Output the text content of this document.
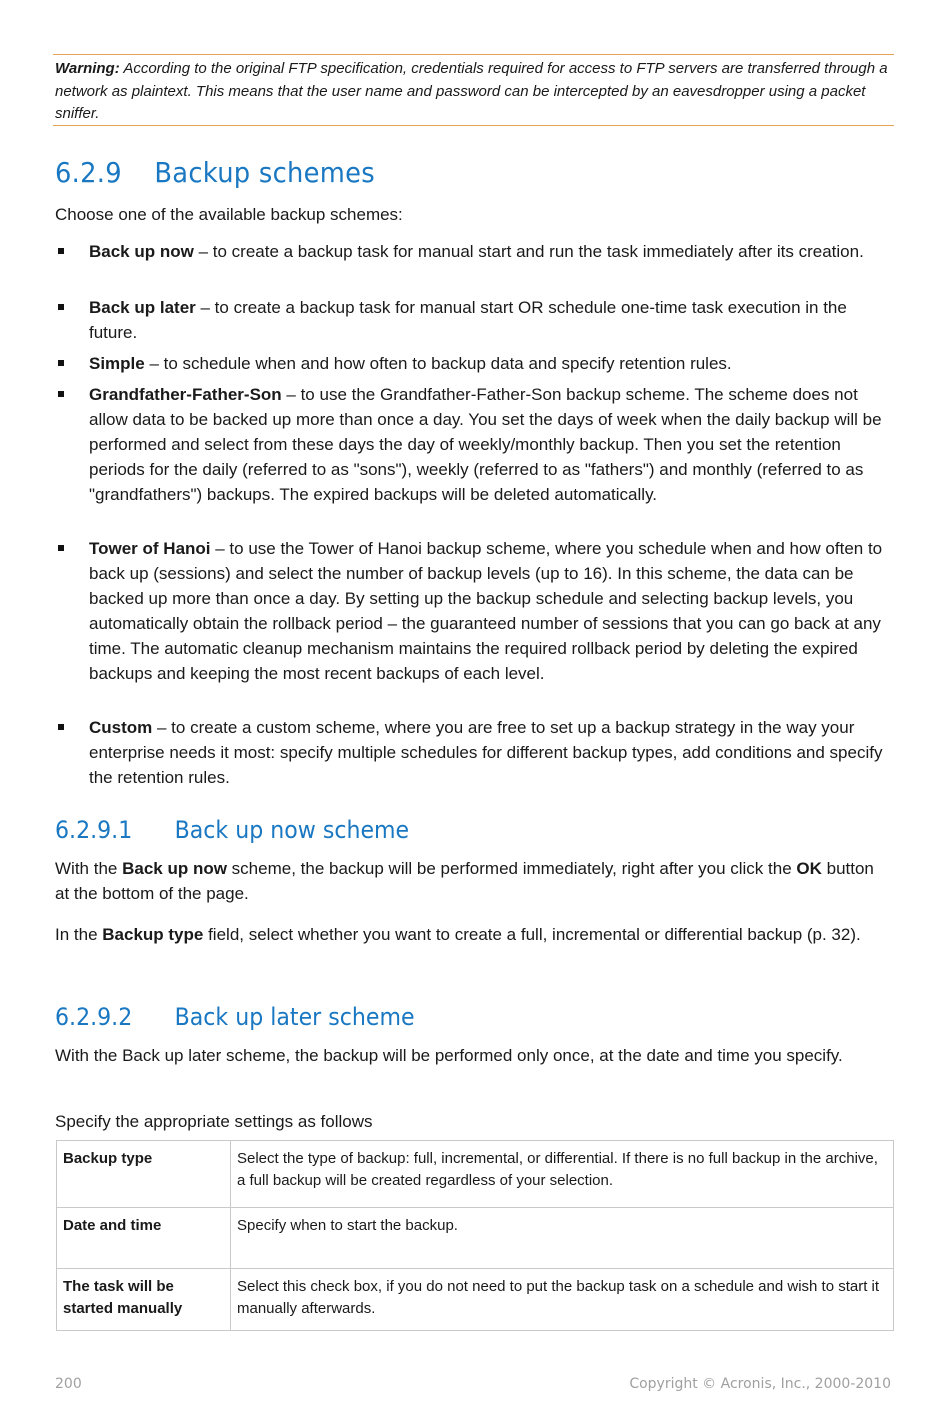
Warning: According to the original FTP specification, credentials required for access to FTP servers are transferred through a network as plaintext. This means that the user name and password can be intercepted by an eavesdropper using a packet sniffer.
6.2.9 Backup schemes

Choose one of the available backup schemes:

Back up now – to create a backup task for manual start and run the task immediately after its creation.
Back up later – to create a backup task for manual start OR schedule one-time task execution in the future.
Simple – to schedule when and how often to backup data and specify retention rules.
Grandfather-Father-Son – to use the Grandfather-Father-Son backup scheme. The scheme does not allow data to be backed up more than once a day. You set the days of week when the daily backup will be performed and select from these days the day of weekly/monthly backup. Then you set the retention periods for the daily (referred to as "sons"), weekly (referred to as "fathers") and monthly (referred to as "grandfathers") backups. The expired backups will be deleted automatically.
Tower of Hanoi – to use the Tower of Hanoi backup scheme, where you schedule when and how often to back up (sessions) and select the number of backup levels (up to 16). In this scheme, the data can be backed up more than once a day. By setting up the backup schedule and selecting backup levels, you automatically obtain the rollback period – the guaranteed number of sessions that you can go back at any time. The automatic cleanup mechanism maintains the required rollback period by deleting the expired backups and keeping the most recent backups of each level.
Custom – to create a custom scheme, where you are free to set up a backup strategy in the way your enterprise needs it most: specify multiple schedules for different backup types, add conditions and specify the retention rules.
6.2.9.1 Back up now scheme

With the Back up now scheme, the backup will be performed immediately, right after you click the OK button at the bottom of the page.

In the Backup type field, select whether you want to create a full, incremental or differential backup (p. 32).

6.2.9.2 Back up later scheme

With the Back up later scheme, the backup will be performed only once, at the date and time you specify.

Specify the appropriate settings as follows

Backup type	Select the type of backup: full, incremental, or differential. If there is no full backup in the archive, a full backup will be created regardless of your selection.
Date and time	Specify when to start the backup.
The task will be started manually	Select this check box, if you do not need to put the backup task on a schedule and wish to start it manually afterwards.
200	Copyright © Acronis, Inc., 2000-2010
